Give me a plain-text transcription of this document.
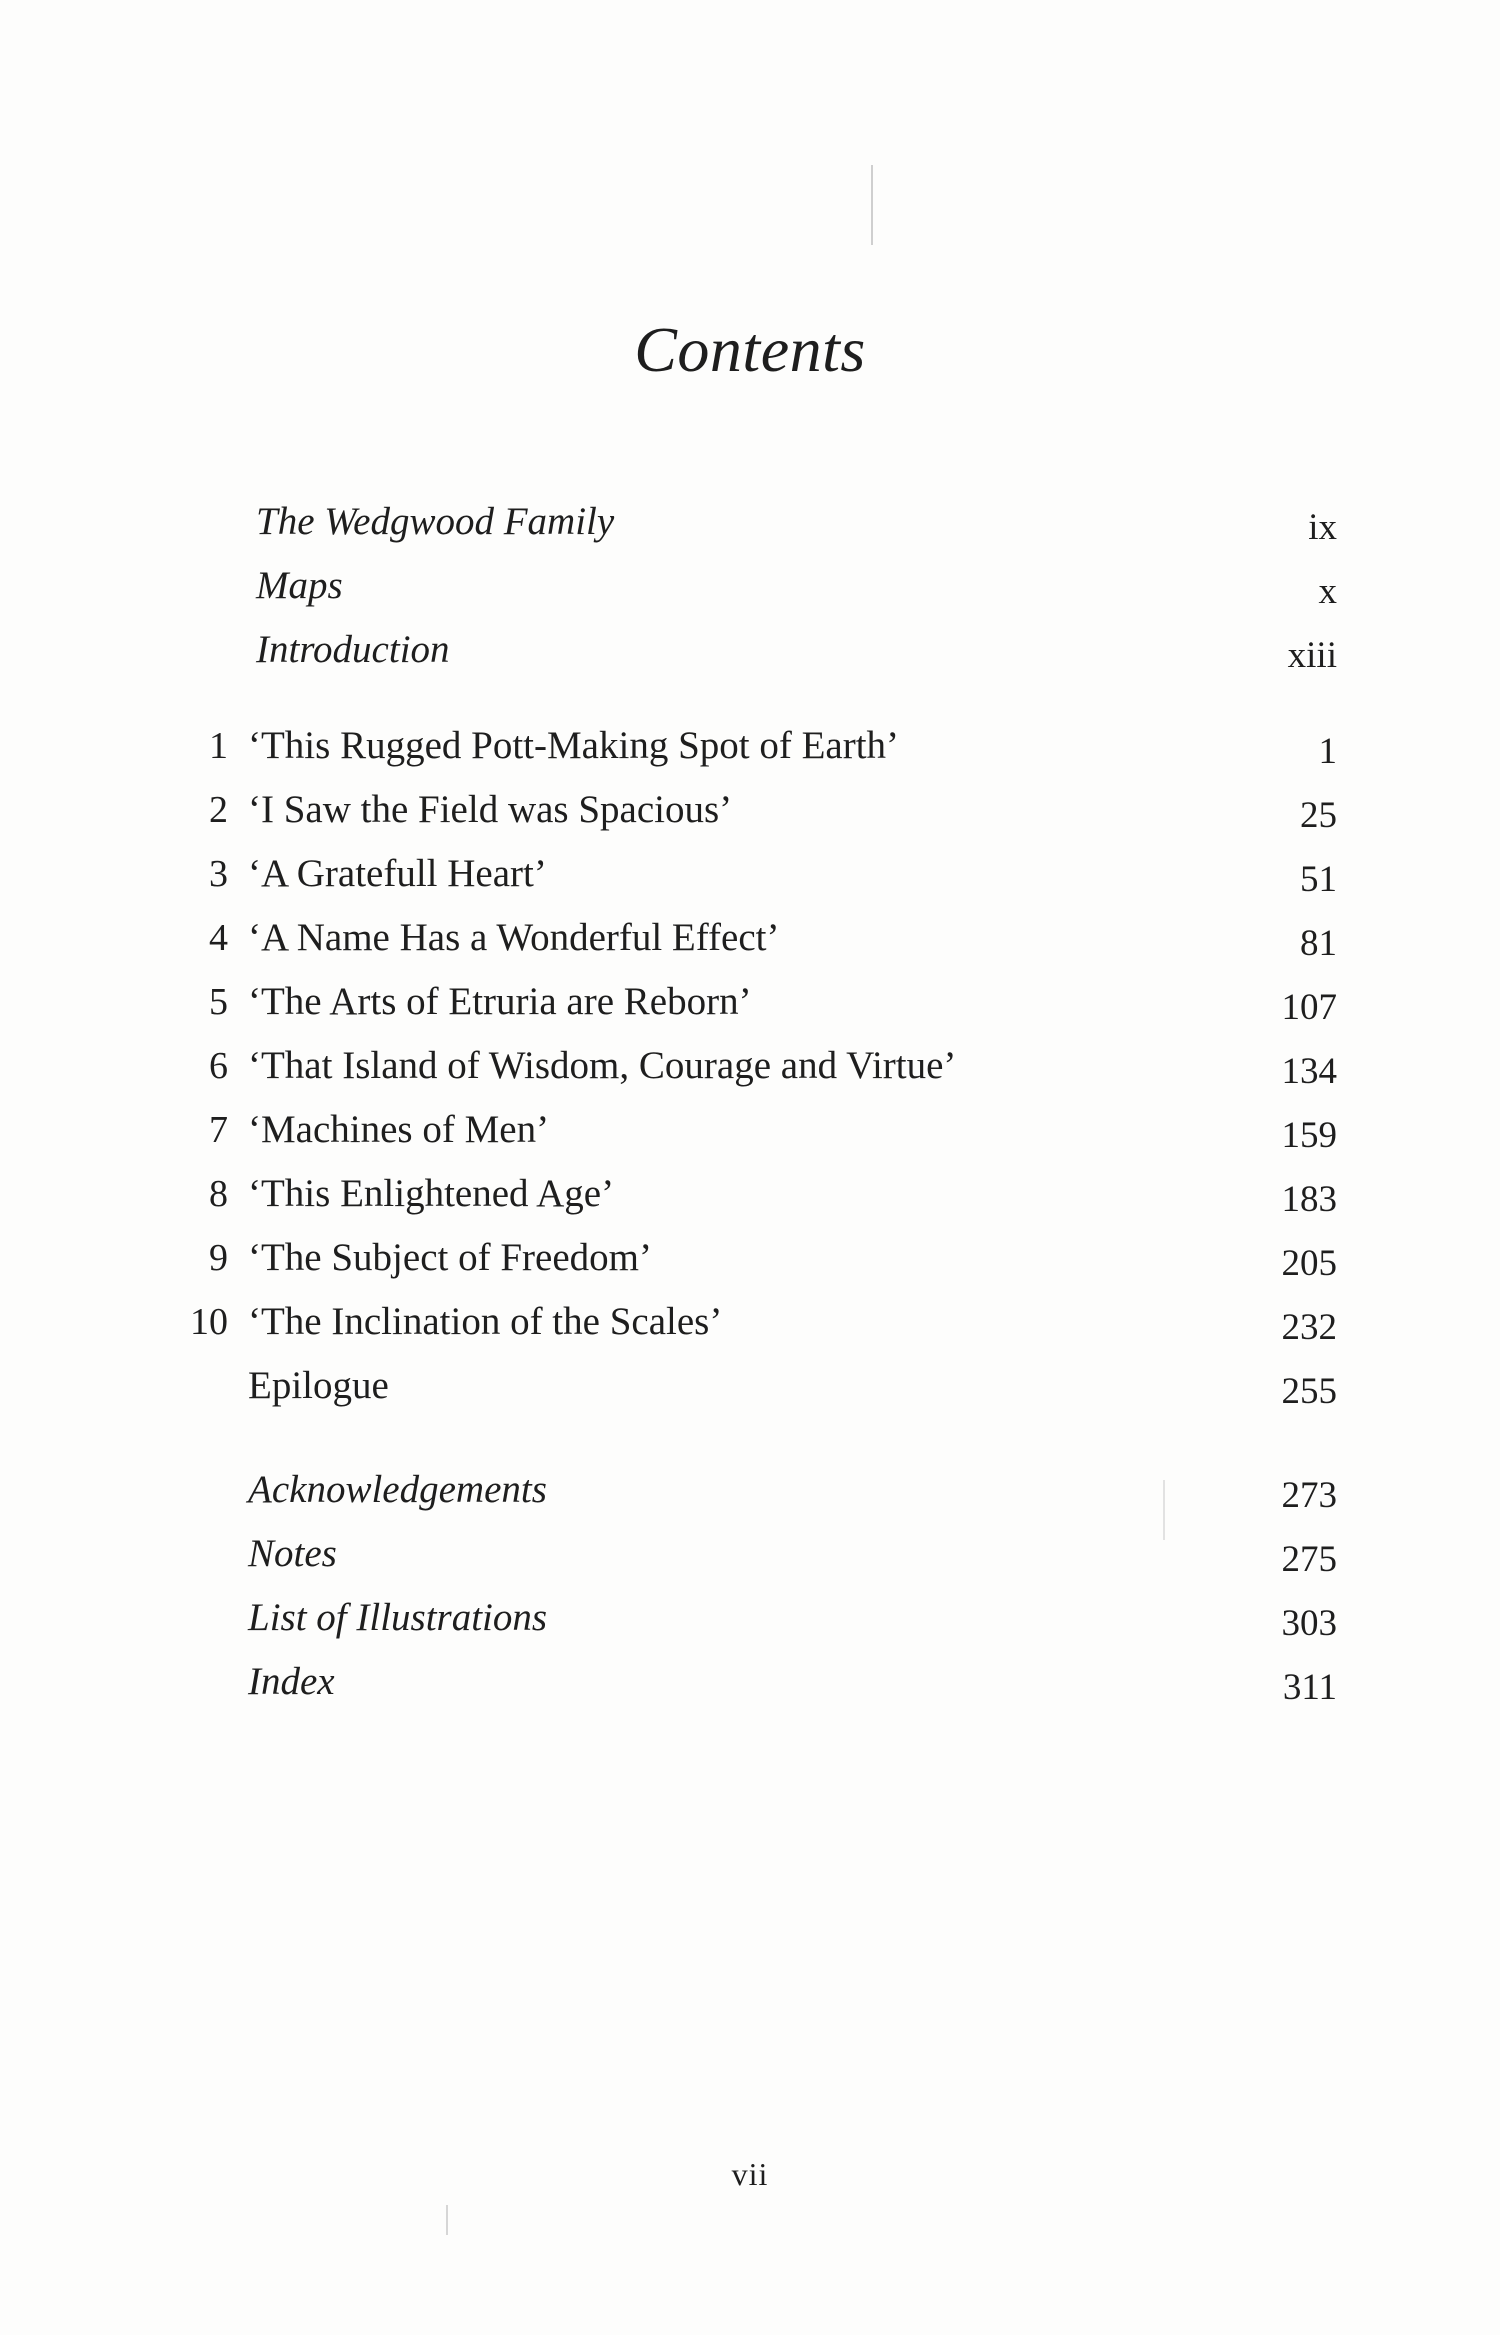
Contents
The Wedgwood Family	ix
Maps	x
Introduction	xiii
1 ‘This Rugged Pott-Making Spot of Earth’	1
2 ‘I Saw the Field was Spacious’	25
3 ‘A Gratefull Heart’	51
4 ‘A Name Has a Wonderful Effect’	81
5 ‘The Arts of Etruria are Reborn’	107
6 ‘That Island of Wisdom, Courage and Virtue’	134
7 ‘Machines of Men’	159
8 ‘This Enlightened Age’	183
9 ‘The Subject of Freedom’	205
10 ‘The Inclination of the Scales’	232
Epilogue	255
Acknowledgements	273
Notes	275
List of Illustrations	303
Index	311
vii
